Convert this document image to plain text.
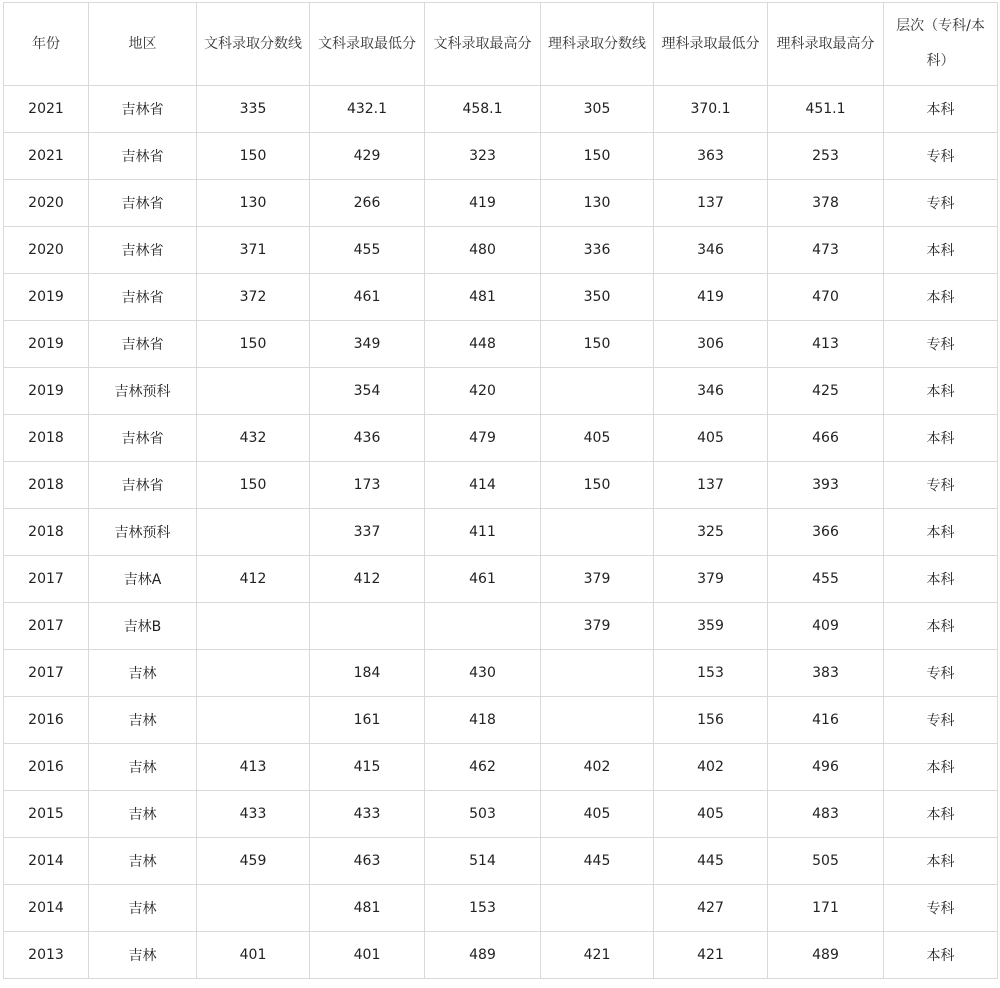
年份	地区	文科录取分数线	文科录取最低分	文科录取最高分	理科录取分数线	理科录取最低分	理科录取最高分	层次（专科/本科）
2021	吉林省	335	432.1	458.1	305	370.1	451.1	本科
2021	吉林省	150	429	323	150	363	253	专科
2020	吉林省	130	266	419	130	137	378	专科
2020	吉林省	371	455	480	336	346	473	本科
2019	吉林省	372	461	481	350	419	470	本科
2019	吉林省	150	349	448	150	306	413	专科
2019	吉林预科		354	420		346	425	本科
2018	吉林省	432	436	479	405	405	466	本科
2018	吉林省	150	173	414	150	137	393	专科
2018	吉林预科		337	411		325	366	本科
2017	吉林A	412	412	461	379	379	455	本科
2017	吉林B				379	359	409	本科
2017	吉林		184	430		153	383	专科
2016	吉林		161	418		156	416	专科
2016	吉林	413	415	462	402	402	496	本科
2015	吉林	433	433	503	405	405	483	本科
2014	吉林	459	463	514	445	445	505	本科
2014	吉林		481	153		427	171	专科
2013	吉林	401	401	489	421	421	489	本科
